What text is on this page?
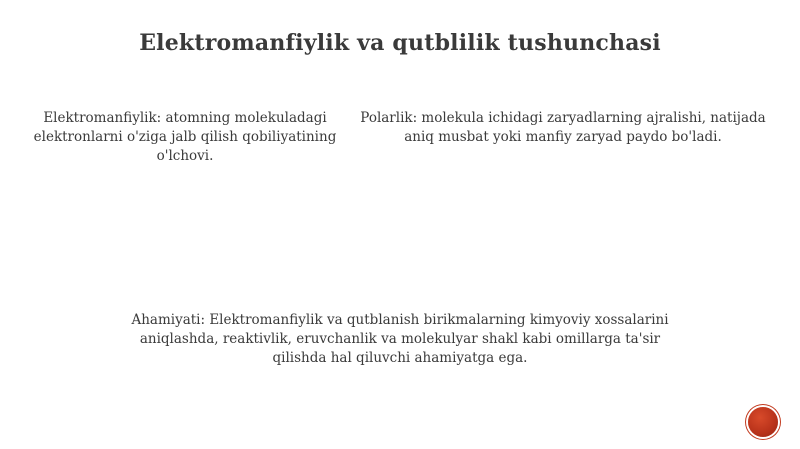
Elektromanfiylik va qutblilik tushunchasi
Elektromanfiylik: atomning molekuladagi elektronlarni o'ziga jalb qilish qobiliyatining o'lchovi.
Polarlik: molekula ichidagi zaryadlarning ajralishi, natijada aniq musbat yoki manfiy zaryad paydo bo'ladi.
Ahamiyati: Elektromanfiylik va qutblanish birikmalarning kimyoviy xossalarini aniqlashda, reaktivlik, eruvchanlik va molekulyar shakl kabi omillarga ta'sir qilishda hal qiluvchi ahamiyatga ega.
